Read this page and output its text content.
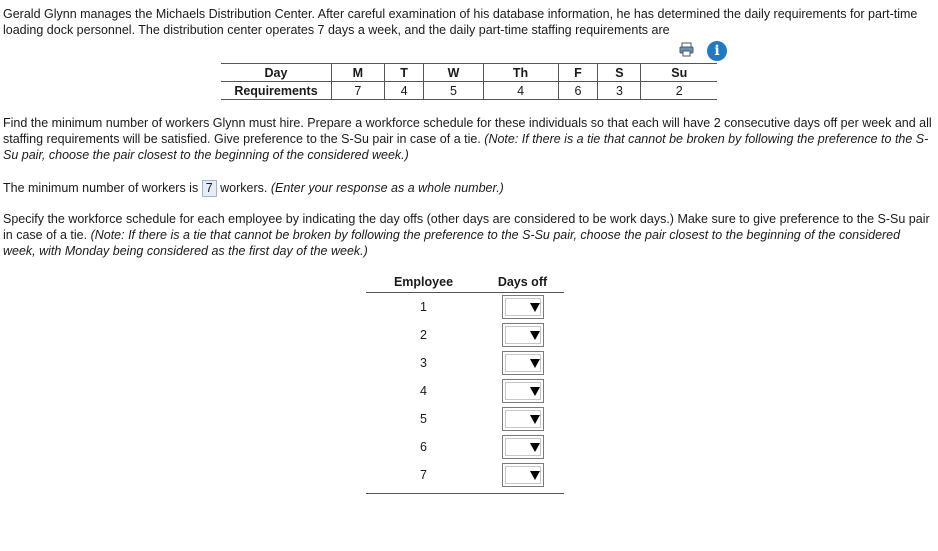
Gerald Glynn manages the Michaels Distribution Center. After careful examination of his database information, he has determined the daily requirements for part-time loading dock personnel. The distribution center operates 7 days a week, and the daily part-time staffing requirements are
i
Day	M	T	W	Th	F	S	Su
Requirements	7	4	5	4	6	3	2
Find the minimum number of workers Glynn must hire. Prepare a workforce schedule for these individuals so that each will have 2 consecutive days off per week and all staffing requirements will be satisfied. Give preference to the S-Su pair in case of a tie. (Note: If there is a tie that cannot be broken by following the preference to the S-Su pair, choose the pair closest to the beginning of the considered week.)
The minimum number of workers is 7 workers. (Enter your response as a whole number.)
Specify the workforce schedule for each employee by indicating the day offs (other days are considered to be work days.) Make sure to give preference to the S-Su pair in case of a tie. (Note: If there is a tie that cannot be broken by following the preference to the S-Su pair, choose the pair closest to the beginning of the considered week, with Monday being considered as the first day of the week.)
Employee	Days off
1
2
3
4
5
6
7
